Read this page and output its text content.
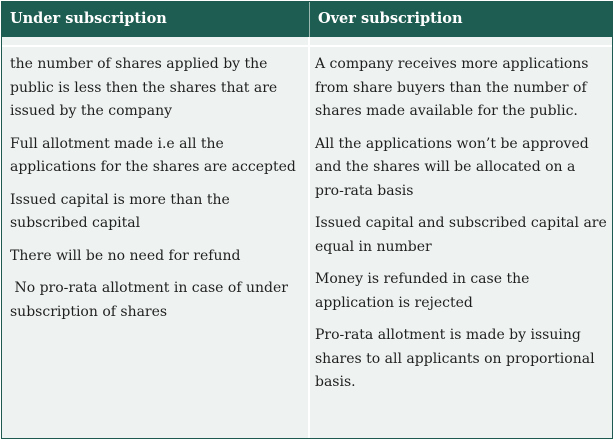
Under subscription	Over subscription

the number of shares applied by the public is less then the shares that are issued by the company

Full allotment made i.e all the applications for the shares are accepted

Issued capital is more than the subscribed capital

There will be no need for refund

No pro-rata allotment in case of under subscription of shares

A company receives more applications from share buyers than the number of shares made available for the public.

All the applications won’t be approved and the shares will be allocated on a pro-rata basis

Issued capital and subscribed capital are equal in number

Money is refunded in case the application is rejected

Pro-rata allotment is made by issuing shares to all applicants on proportional basis.
